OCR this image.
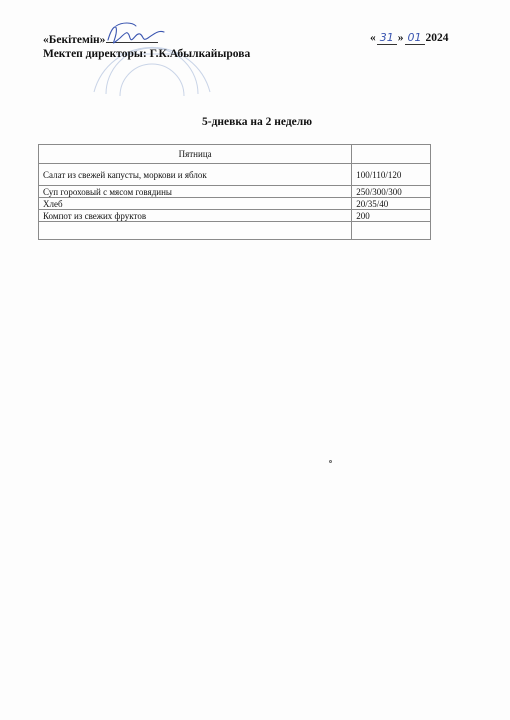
«Бекітемін»
Мектеп директоры: Г.К.Абылкайырова
« 31 » 01 2024
5-дневка на 2 неделю
Пятница	
Салат из свежей капусты, моркови и яблок	100/110/120
Суп гороховый с мясом говядины	250/300/300
Хлеб	20/35/40
Компот из свежих фруктов	200
